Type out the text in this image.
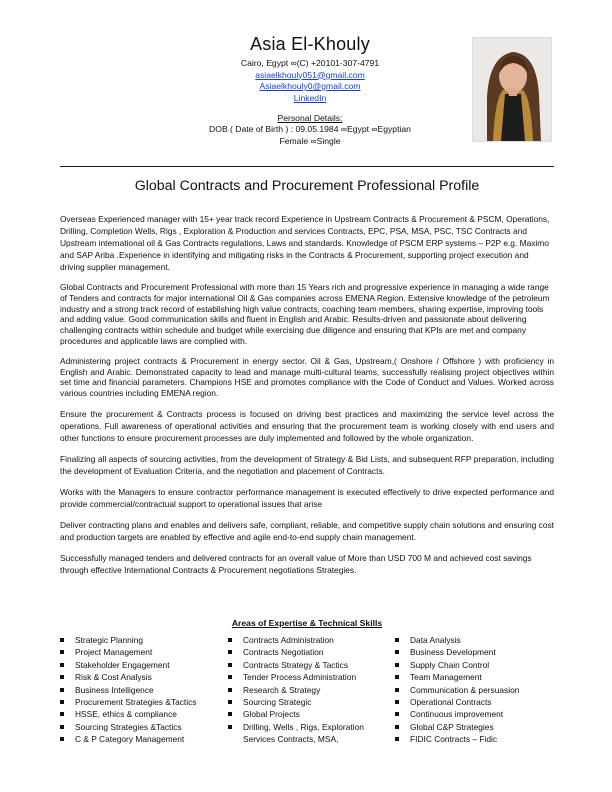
Asia El-Khouly
Cairo, Egypt ∞(C) +20101-307-4791
asiaelkhouly051@gmail.com
Asiaelkhouly0@gmail.com
LinkedIn
Personal Details:
DOB ( Date of Birth ) : 09.05.1984 ∞Egypt ∞Egyptian
Female ∞Single
Global Contracts and Procurement Professional Profile

Overseas Experienced manager with 15+ year track record Experience in Upstream Contracts & Procurement & PSCM, Operations, Drilling, Completion Wells, Rigs , Exploration & Production and services Contracts, EPC, PSA, MSA, PSC, TSC Contracts and Upstream international oil & Gas Contracts regulations, Laws and standards. Knowledge of PSCM ERP systems – P2P e.g. Maximo and SAP Ariba .Experience in identifying and mitigating risks in the Contracts & Procurement, supporting project execution and driving supplier management.

Global Contracts and Procurement Professional with more than 15 Years rich and progressive experience in managing a wide range of Tenders and contracts for major international Oil & Gas companies across EMENA Region. Extensive knowledge of the petroleum industry and a strong track record of establishing high value contracts, coaching team members, sharing expertise, improving tools and adding value. Good communication skills and fluent in English and Arabic. Results-driven and passionate about delivering challenging contracts within schedule and budget while exercising due diligence and ensuring that KPIs are met and company procedures and applicable laws are complied with.

Administering project contracts & Procurement in energy sector. Oil & Gas, Upstream,( Onshore / Offshore ) with proficiency in English and Arabic. Demonstrated capacity to lead and manage multi-cultural teams, successfully realising project objectives within set time and financial parameters. Champions HSE and promotes compliance with the Code of Conduct and Values. Worked across various countries including EMENA region.

Ensure the procurement & Contracts process is focused on driving best practices and maximizing the service level across the operations. Full awareness of operational activities and ensuring that the procurement team is working closely with end users and other functions to ensure procurement processes are duly implemented and followed by the whole organization.

Finalizing all aspects of sourcing activities, from the development of Strategy & Bid Lists, and subsequent RFP preparation, including the development of Evaluation Criteria, and the negotiation and placement of Contracts.

Works with the Managers to ensure contractor performance management is executed effectively to drive expected performance and provide commercial/contractual support to operational issues that arise

Deliver contracting plans and enables and delivers safe, compliant, reliable, and competitive supply chain solutions and ensuring cost and production targets are enabled by effective and agile end-to-end supply chain management.

Successfully managed tenders and delivered contracts for an overall value of More than USD 700 M and achieved cost savings through effective International Contracts & Procurement negotiations Strategies.

Areas of Expertise & Technical Skills
Strategic Planning
Project Management
Stakeholder Engagement
Risk & Cost Analysis
Business Intelligence
Procurement Strategies &Tactics
HSSE, ethics & compliance
Sourcing Strategies &Tactics
C & P Category Management
Contracts Administration
Contracts Negotiation
Contracts Strategy & Tactics
Tender Process Administration
Research & Strategy
Sourcing Strategic
Global Projects
Drilling, Wells , Rigs, Exploration Services Contracts, MSA,
Data Analysis
Business Development
Supply Chain Control
Team Management
Communication & persuasion
Operational Contracts
Continuous improvement
Global C&P Strategies
FIDIC Contracts – Fidic
